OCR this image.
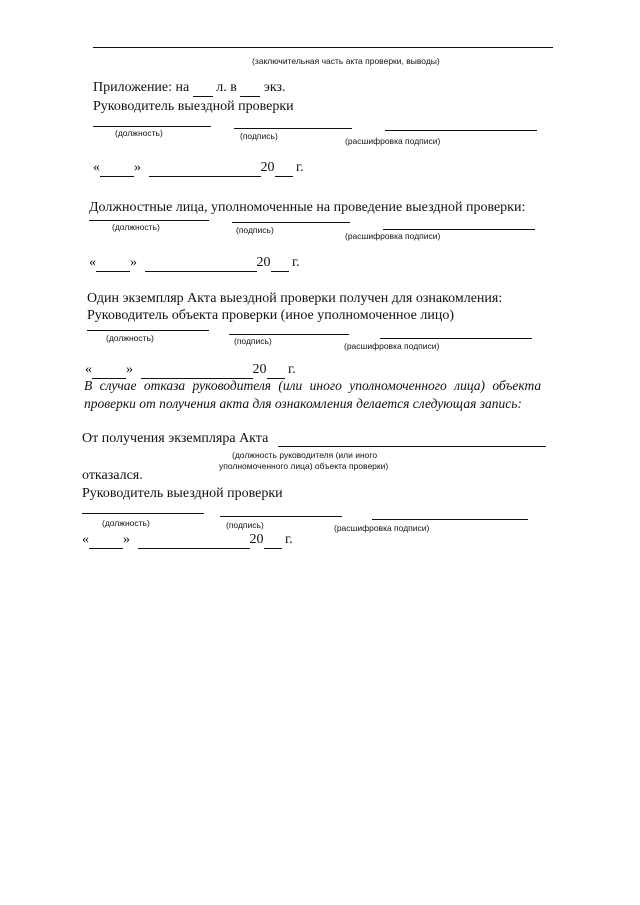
(заключительная часть акта проверки, выводы)
Приложение: на л. в экз.
Руководитель выездной проверки
(должность)	(подпись)	(расшифровка подписи)
« »	20 г.
Должностные лица, уполномоченные на проведение выездной проверки:
(должность)	(подпись)
(расшифровка подписи)
« »	20 г.
Один экземпляр Акта выездной проверки получен для ознакомления:
Руководитель объекта проверки (иное уполномоченное лицо)
(должность)	(подпись)	(расшифровка подписи)
« »	20 г.
В случае отказа руководителя (или иного уполномоченного лица) объекта
проверки от получения акта для ознакомления делается следующая запись:
От получения экземпляра Акта
(должность руководителя (или иного
уполномоченного лица) объекта проверки)
отказался.
Руководитель выездной проверки
(должность)	(подпись)	(расшифровка подписи)
« »	20 г.
